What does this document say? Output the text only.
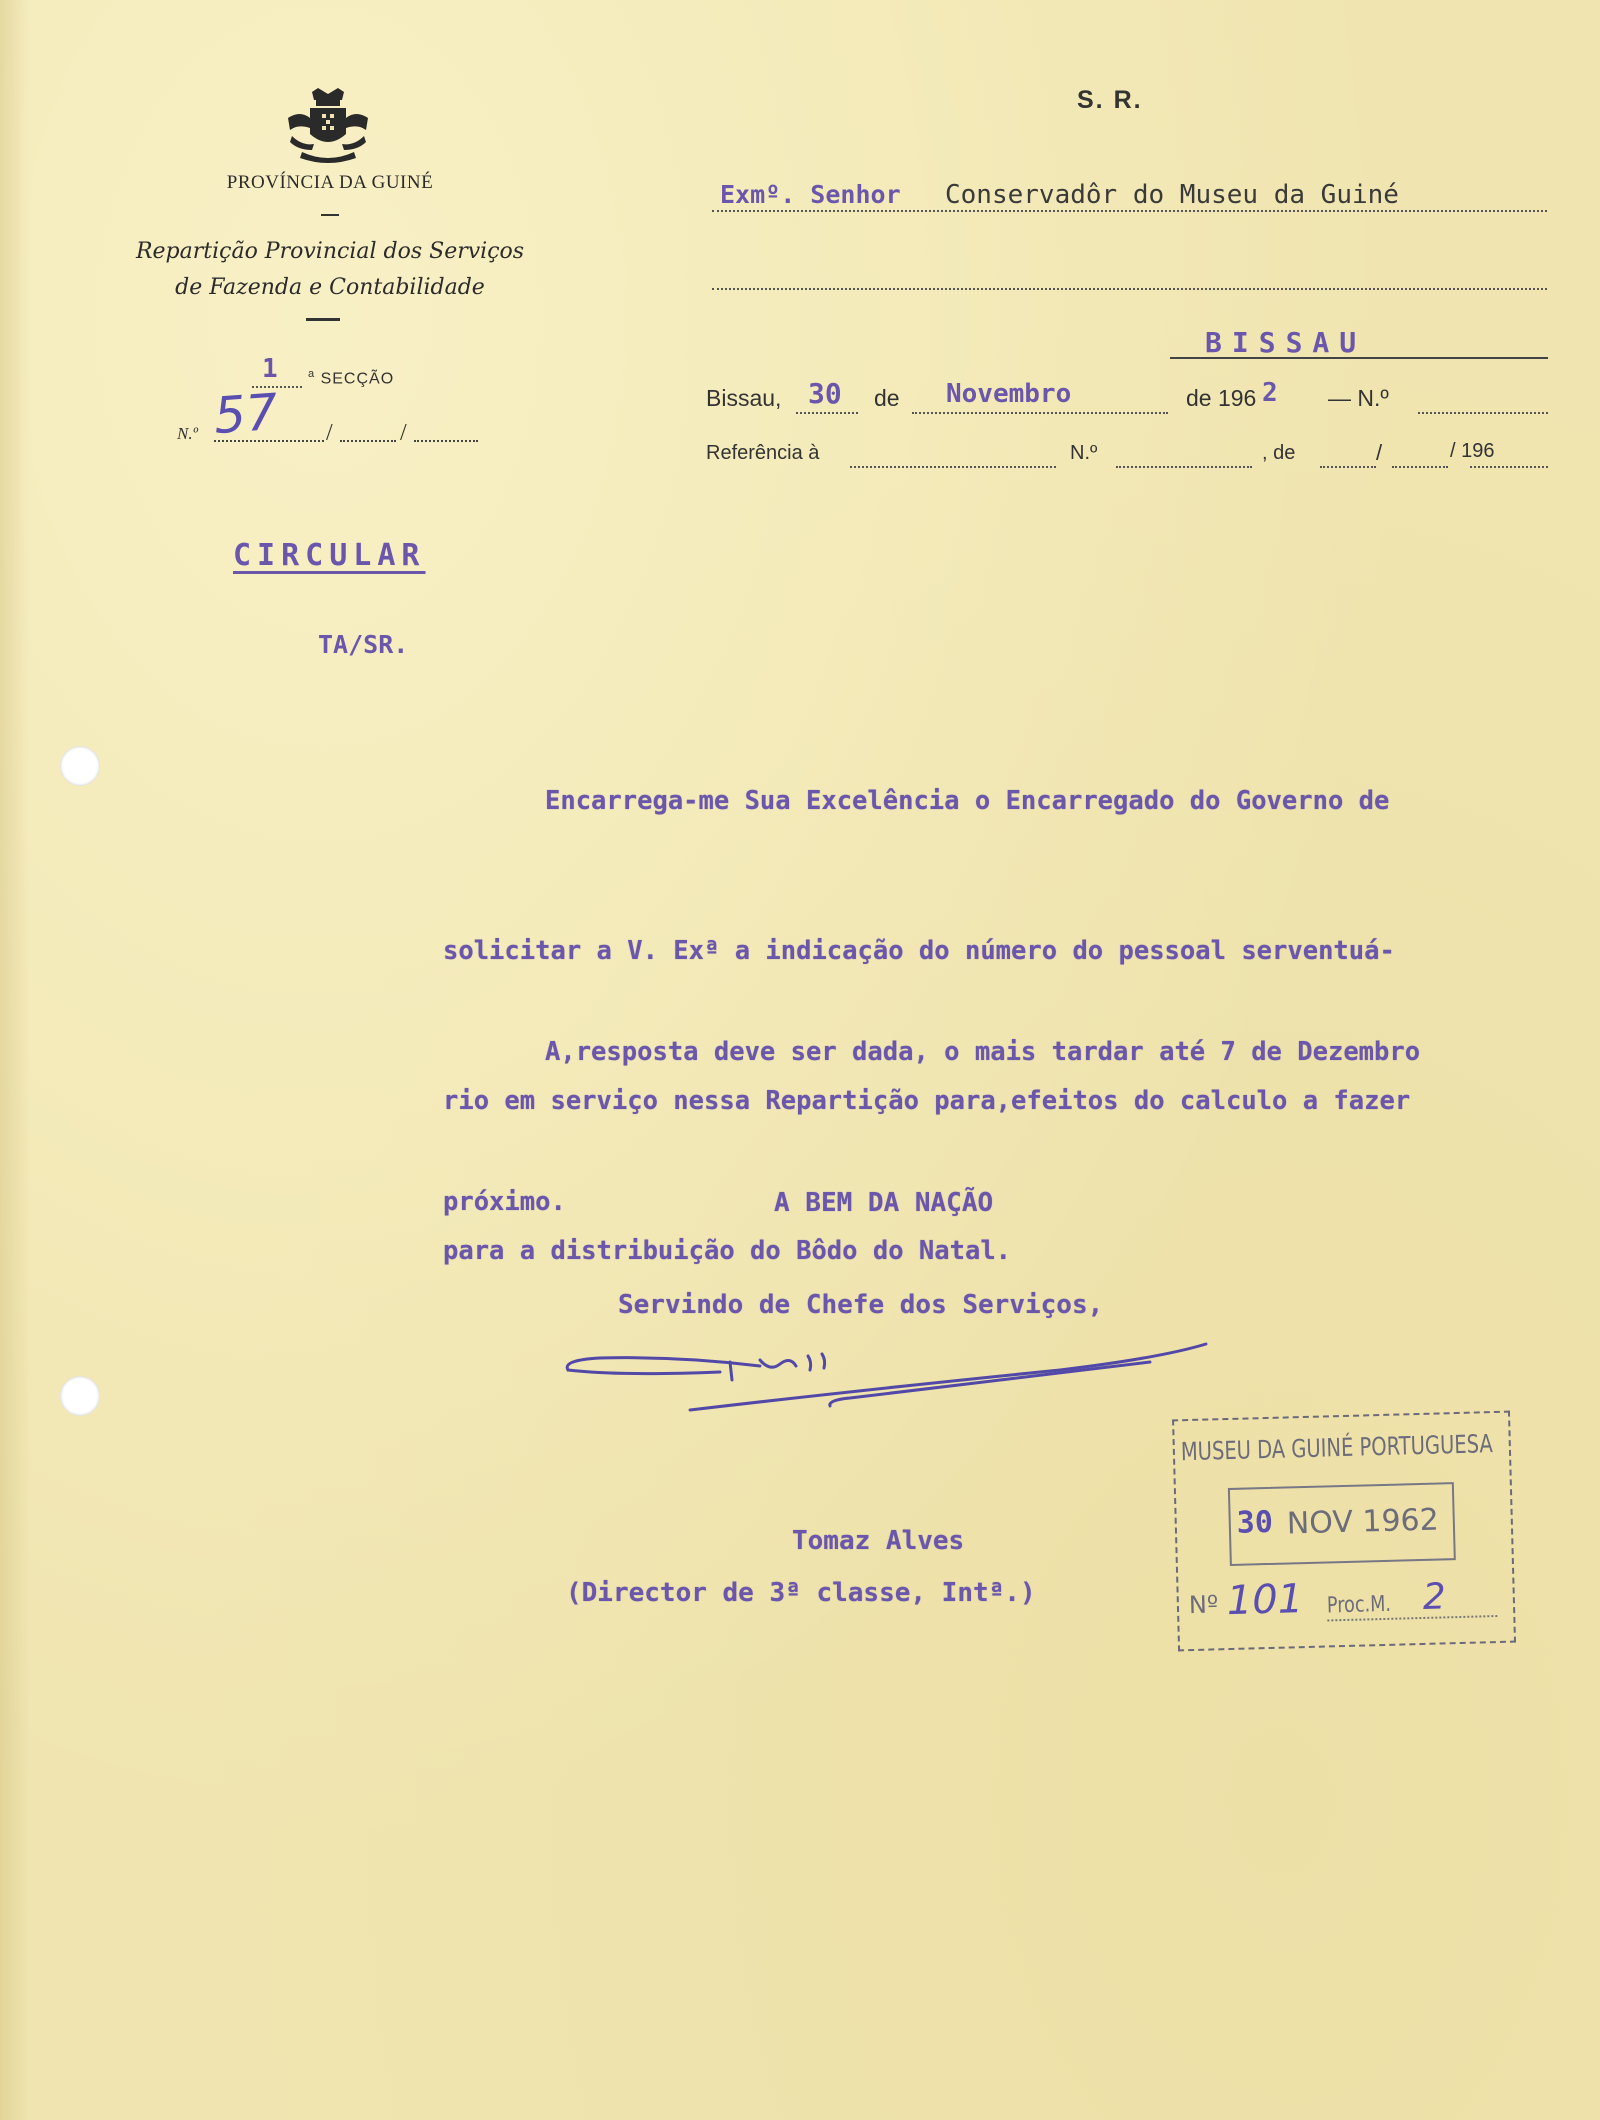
PROVÍNCIA DA GUINÉ
Repartição Provincial dos Serviços
de Fazenda e Contabilidade
1	$^a$ SECÇÃO
N.º 57 /	/
S. R.
Exmº. Senhor Conservadôr do Museu da Guiné
BISSAU
Bissau, 30 de Novembro	de 196 2 — N.º
Referência à	N.º	, de	/	/ 196
CIRCULAR
TA/SR.

Encarrega-me Sua Excelência o Encarregado do Governo de

solicitar a V. Exª a indicação do número do pessoal serventuá-

rio em serviço nessa Repartição para,efeitos do calculo a fazer

para a distribuição do Bôdo do Natal.

A,resposta deve ser dada, o mais tardar até 7 de Dezembro

próximo.

	A BEM DA NAÇÃO
Servindo de Chefe dos Serviços,
Tomaz Alves
(Director de 3ª classe, Intª.)
MUSEU DA GUINÉ PORTUGUESA
30 NOV 1962
Nº 101 Proc.M. 2
